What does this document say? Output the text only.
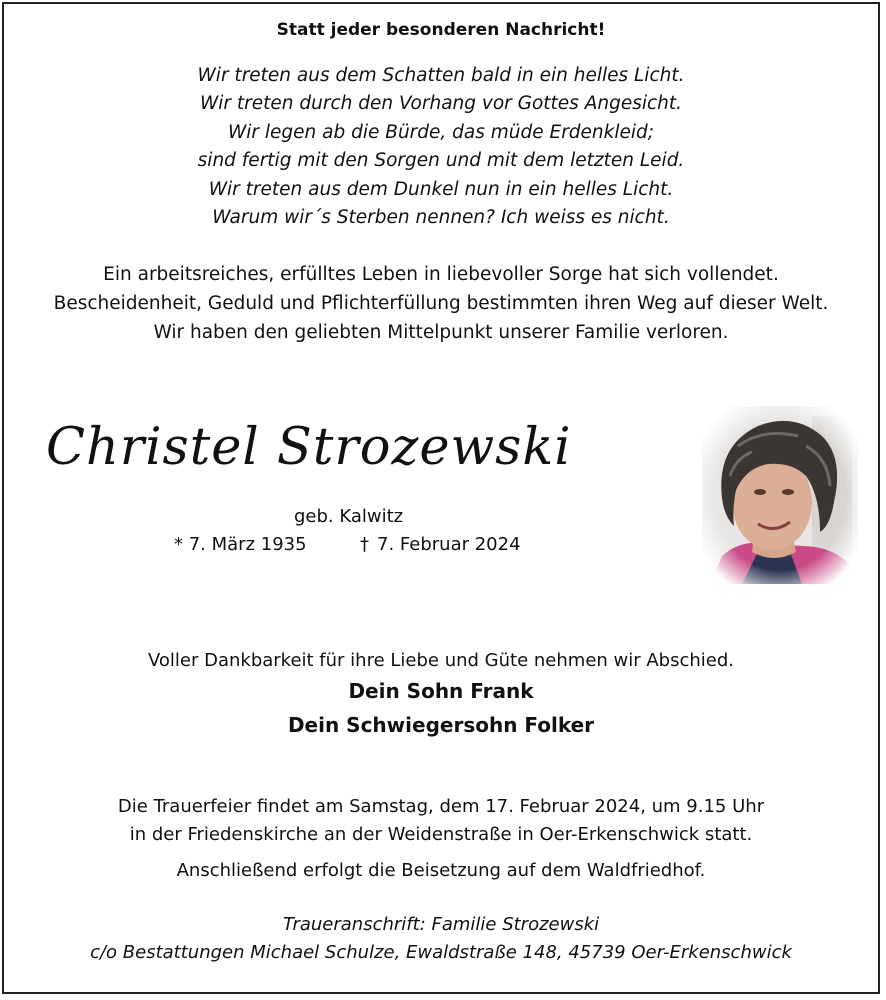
Statt jeder besonderen Nachricht!
Wir treten aus dem Schatten bald in ein helles Licht.
Wir treten durch den Vorhang vor Gottes Angesicht.
Wir legen ab die Bürde, das müde Erdenkleid;
sind fertig mit den Sorgen und mit dem letzten Leid.
Wir treten aus dem Dunkel nun in ein helles Licht.
Warum wir´s Sterben nennen? Ich weiss es nicht.
Ein arbeitsreiches, erfülltes Leben in liebevoller Sorge hat sich vollendet.
Bescheidenheit, Geduld und Pflichterfüllung bestimmten ihren Weg auf dieser Welt.
Wir haben den geliebten Mittelpunkt unserer Familie verloren.
Christel Strozewski
geb. Kalwitz
* 7. März 1935	† 7. Februar 2024
Voller Dankbarkeit für ihre Liebe und Güte nehmen wir Abschied.
Dein Sohn Frank
Dein Schwiegersohn Folker
Die Trauerfeier findet am Samstag, dem 17. Februar 2024, um 9.15 Uhr
in der Friedenskirche an der Weidenstraße in Oer-Erkenschwick statt.
Anschließend erfolgt die Beisetzung auf dem Waldfriedhof.
Traueranschrift: Familie Strozewski
c/o Bestattungen Michael Schulze, Ewaldstraße 148, 45739 Oer-Erkenschwick
